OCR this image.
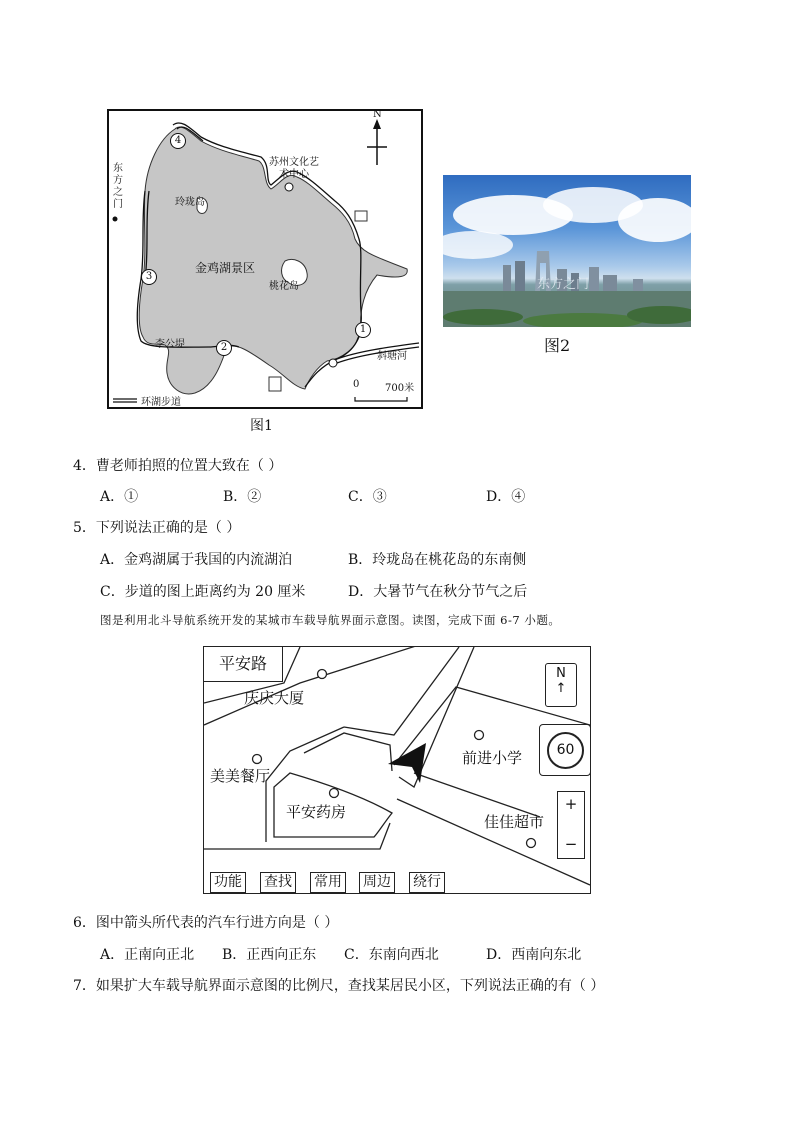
4
3
2
1
东方之门
苏州文化艺术中心
玲珑岛
金鸡湖景区
桃花岛
李公堤
斜塘河
N
0	700米
环湖步道
图1
东方之门
图2
4．曹老师拍照的位置大致在（ ）
A．①	B．②	C．③	D．④
5．下列说法正确的是（ ）
A．金鸡湖属于我国的内流湖泊	B．玲珑岛在桃花岛的东南侧
C．步道的图上距离约为 20 厘米	D．大暑节气在秋分节气之后
图是利用北斗导航系统开发的某城市车载导航界面示意图。读图，完成下面 6-7 小题。
平安路
庆庆大厦
美美餐厅
平安药房
前进小学
佳佳超市
N
↑
60
+
−
功能 查找 常用 周边 绕行
6．图中箭头所代表的汽车行进方向是（ ）
A．正南向正北 B．正西向正东 C．东南向西北	D．西南向东北
7．如果扩大车载导航界面示意图的比例尺，查找某居民小区，下列说法正确的有（ ）
